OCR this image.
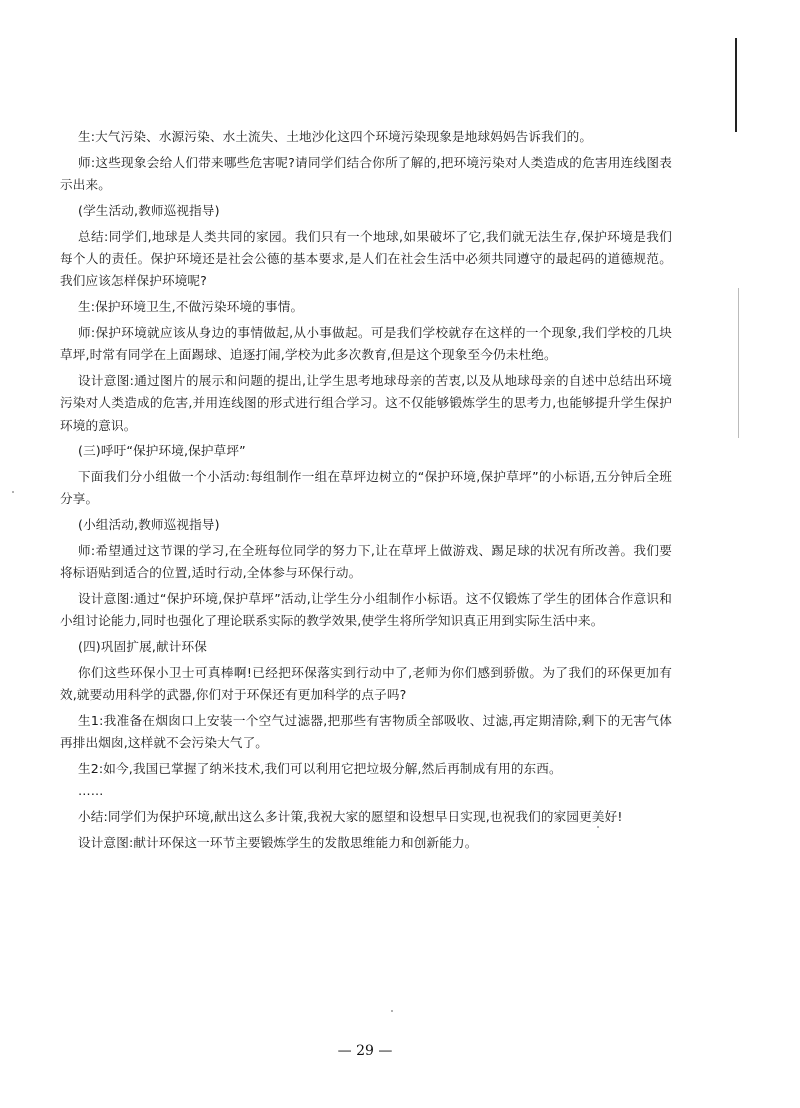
生:大气污染、水源污染、水土流失、土地沙化这四个环境污染现象是地球妈妈告诉我们的。

师:这些现象会给人们带来哪些危害呢?请同学们结合你所了解的,把环境污染对人类造成的危害用连线图表示出来。

(学生活动,教师巡视指导)

总结:同学们,地球是人类共同的家园。我们只有一个地球,如果破坏了它,我们就无法生存,保护环境是我们每个人的责任。保护环境还是社会公德的基本要求,是人们在社会生活中必须共同遵守的最起码的道德规范。我们应该怎样保护环境呢?

生:保护环境卫生,不做污染环境的事情。

师:保护环境就应该从身边的事情做起,从小事做起。可是我们学校就存在这样的一个现象,我们学校的几块草坪,时常有同学在上面踢球、追逐打闹,学校为此多次教育,但是这个现象至今仍未杜绝。

设计意图:通过图片的展示和问题的提出,让学生思考地球母亲的苦衷,以及从地球母亲的自述中总结出环境污染对人类造成的危害,并用连线图的形式进行组合学习。这不仅能够锻炼学生的思考力,也能够提升学生保护环境的意识。

(三)呼吁“保护环境,保护草坪”

下面我们分小组做一个小活动:每组制作一组在草坪边树立的“保护环境,保护草坪”的小标语,五分钟后全班分享。

(小组活动,教师巡视指导)

师:希望通过这节课的学习,在全班每位同学的努力下,让在草坪上做游戏、踢足球的状况有所改善。我们要将标语贴到适合的位置,适时行动,全体参与环保行动。

设计意图:通过“保护环境,保护草坪”活动,让学生分小组制作小标语。这不仅锻炼了学生的团体合作意识和小组讨论能力,同时也强化了理论联系实际的教学效果,使学生将所学知识真正用到实际生活中来。

(四)巩固扩展,献计环保

你们这些环保小卫士可真棒啊!已经把环保落实到行动中了,老师为你们感到骄傲。为了我们的环保更加有效,就要动用科学的武器,你们对于环保还有更加科学的点子吗?

生1:我准备在烟囱口上安装一个空气过滤器,把那些有害物质全部吸收、过滤,再定期清除,剩下的无害气体再排出烟囱,这样就不会污染大气了。

生2:如今,我国已掌握了纳米技术,我们可以利用它把垃圾分解,然后再制成有用的东西。

……

小结:同学们为保护环境,献出这么多计策,我祝大家的愿望和设想早日实现,也祝我们的家园更美好!

设计意图:献计环保这一环节主要锻炼学生的发散思维能力和创新能力。

— 29 —
